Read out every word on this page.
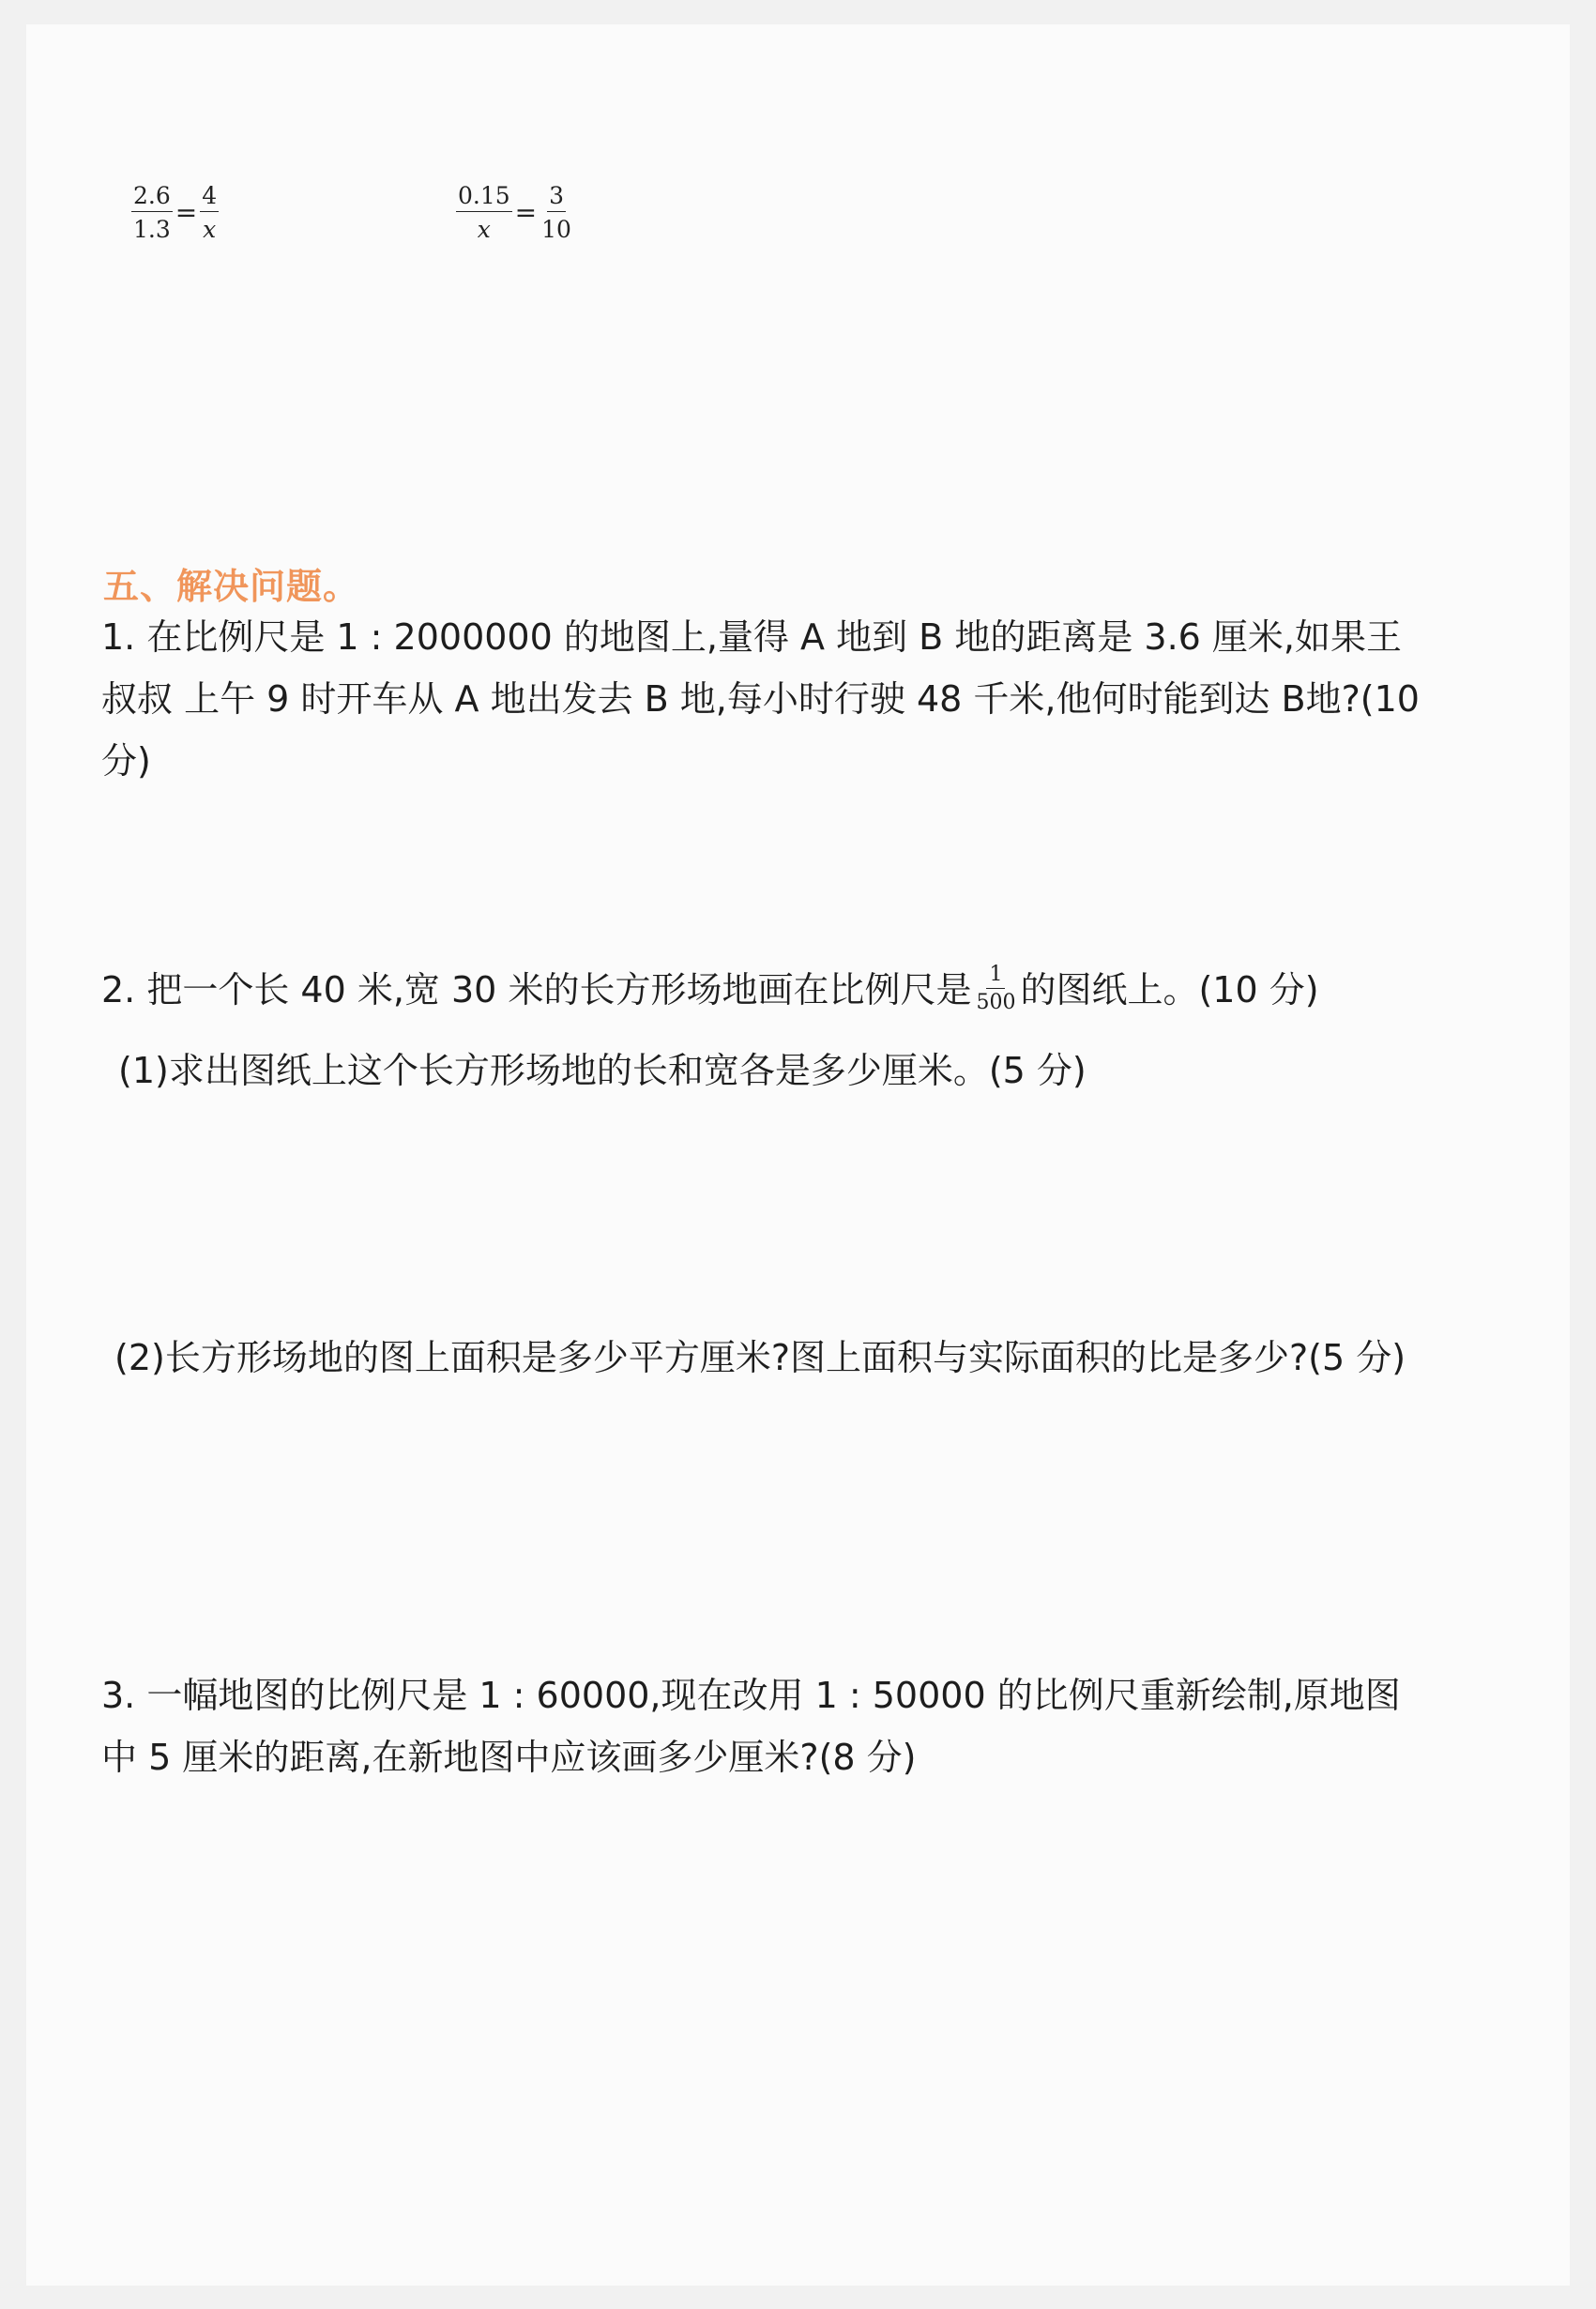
$\frac{2.6}{1.3} = \frac{4}{x}$	$\frac{0.15}{x} = \frac{3}{10}$
五、解决问题。
1. 在比例尺是 1 : 2000000 的地图上,量得 A 地到 B 地的距离是 3.6 厘米,如果王
叔叔 上午 9 时开车从 A 地出发去 B 地,每小时行驶 48 千米,他何时能到达 B地?(10
分)
2. 把一个长 40 米,宽 30 米的长方形场地画在比例尺是 $\frac{1}{500}$ 的图纸上。(10 分)
(1)求出图纸上这个长方形场地的长和宽各是多少厘米。(5 分)
(2)长方形场地的图上面积是多少平方厘米?图上面积与实际面积的比是多少?(5 分)
3. 一幅地图的比例尺是 1 : 60000,现在改用 1 : 50000 的比例尺重新绘制,原地图
中 5 厘米的距离,在新地图中应该画多少厘米?(8 分)
